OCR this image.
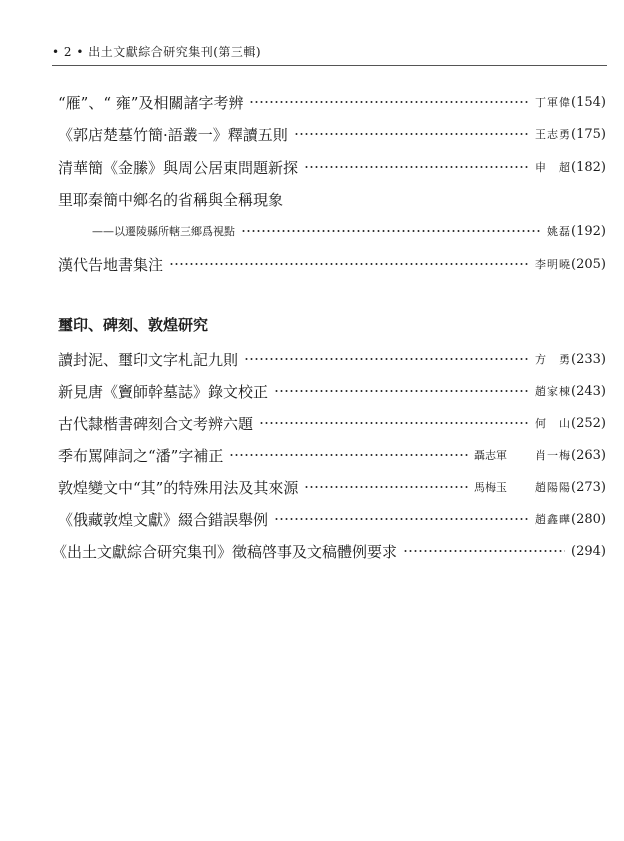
• 2 • 出土文獻綜合研究集刊(第三輯)
“雁”、“ 雍”及相關諸字考辨	丁軍偉 (154)
《郭店楚墓竹簡·語叢一》釋讀五則	王志勇 (175)
清華簡《金縢》與周公居東問題新探	申　超 (182)
里耶秦簡中鄉名的省稱與全稱現象
——以遷陵縣所轄三鄉爲視點	姚磊 (192)
漢代告地書集注	李明曉 (205)
璽印、碑刻、敦煌研究
讀封泥、璽印文字札記九則	方　勇 (233)
新見唐《竇師幹墓誌》錄文校正	趙家棟 (243)
古代隸楷書碑刻合文考辨六題	何　山 (252)
季布罵陣詞之“潘”字補正	聶志軍	肖一梅 (263)
敦煌變文中“其”的特殊用法及其來源	馬梅玉	趙陽陽 (273)
《俄藏敦煌文獻》綴合錯誤舉例	趙鑫曄 (280)
《出土文獻綜合研究集刊》徵稿啓事及文稿體例要求	(294)
